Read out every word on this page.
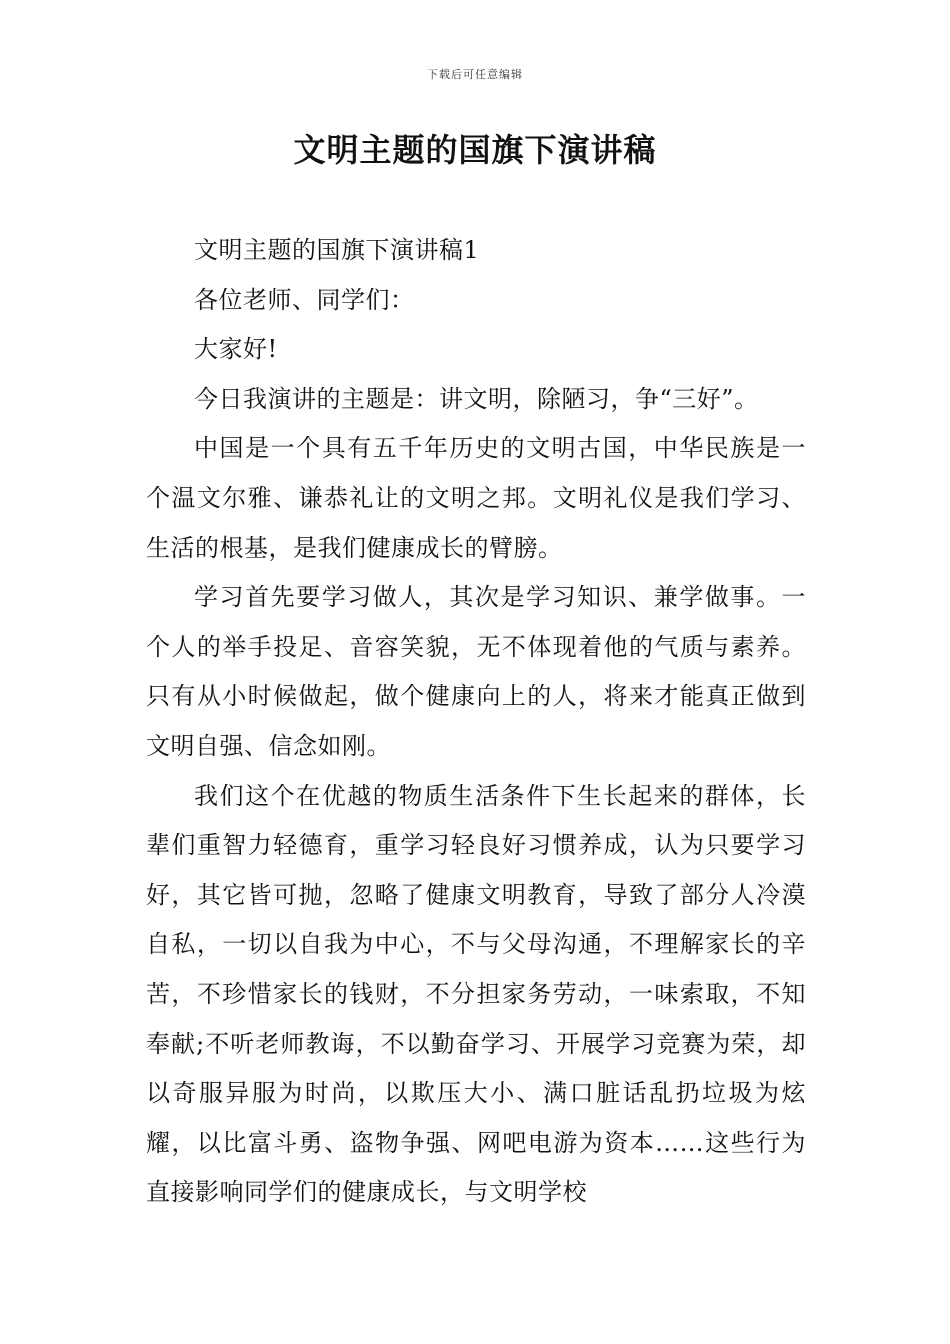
下载后可任意编辑
文明主题的国旗下演讲稿

文明主题的国旗下演讲稿1

各位老师、同学们：

大家好!

今日我演讲的主题是：讲文明，除陋习，争“三好”。

中国是一个具有五千年历史的文明古国，中华民族是一个温文尔雅、谦恭礼让的文明之邦。文明礼仪是我们学习、生活的根基，是我们健康成长的臂膀。

学习首先要学习做人，其次是学习知识、兼学做事。一个人的举手投足、音容笑貌，无不体现着他的气质与素养。只有从小时候做起，做个健康向上的人，将来才能真正做到文明自强、信念如刚。

我们这个在优越的物质生活条件下生长起来的群体，长辈们重智力轻德育，重学习轻良好习惯养成，认为只要学习好，其它皆可抛，忽略了健康文明教育，导致了部分人冷漠自私，一切以自我为中心，不与父母沟通，不理解家长的辛苦，不珍惜家长的钱财，不分担家务劳动，一味索取，不知奉献;不听老师教诲，不以勤奋学习、开展学习竞赛为荣，却以奇服异服为时尚，以欺压大小、满口脏话乱扔垃圾为炫耀，以比富斗勇、盗物争强、网吧电游为资本……这些行为直接影响同学们的健康成长，与文明学校
